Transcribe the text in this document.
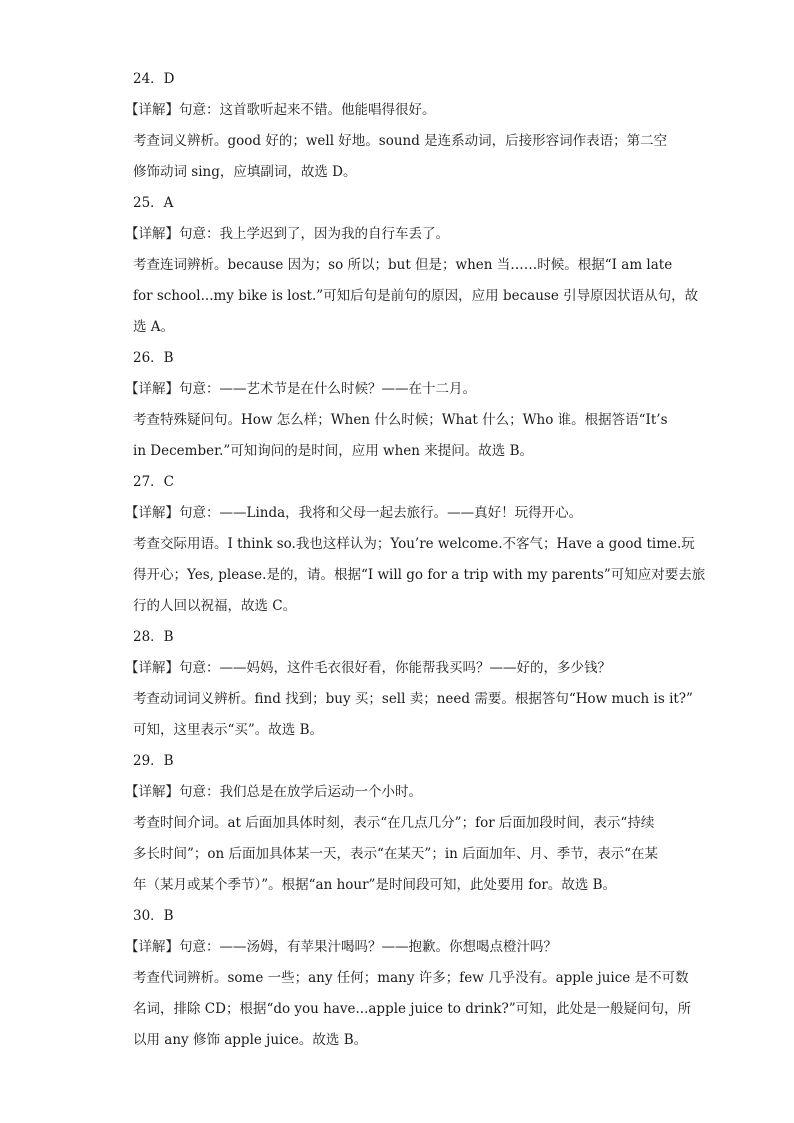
24．D
【详解】句意：这首歌听起来不错。他能唱得很好。
考查词义辨析。good 好的；well 好地。sound 是连系动词，后接形容词作表语；第二空
修饰动词 sing，应填副词，故选 D。
25．A
【详解】句意：我上学迟到了，因为我的自行车丢了。
考查连词辨析。because 因为；so 所以；but 但是；when 当……时候。根据“I am late
for school...my bike is lost.”可知后句是前句的原因，应用 because 引导原因状语从句，故
选 A。
26．B
【详解】句意：——艺术节是在什么时候？——在十二月。
考查特殊疑问句。How 怎么样；When 什么时候；What 什么；Who 谁。根据答语“It’s
in December.”可知询问的是时间，应用 when 来提问。故选 B。
27．C
【详解】句意：——Linda，我将和父母一起去旅行。——真好！玩得开心。
考查交际用语。I think so.我也这样认为；You’re welcome.不客气；Have a good time.玩
得开心；Yes, please.是的，请。根据“I will go for a trip with my parents”可知应对要去旅
行的人回以祝福，故选 C。
28．B
【详解】句意：——妈妈，这件毛衣很好看，你能帮我买吗？——好的，多少钱？
考查动词词义辨析。find 找到；buy 买；sell 卖；need 需要。根据答句“How much is it?”
可知，这里表示“买”。故选 B。
29．B
【详解】句意：我们总是在放学后运动一个小时。
考查时间介词。at 后面加具体时刻，表示“在几点几分”；for 后面加段时间，表示“持续
多长时间”；on 后面加具体某一天，表示“在某天”；in 后面加年、月、季节，表示“在某
年（某月或某个季节）”。根据“an hour”是时间段可知，此处要用 for。故选 B。
30．B
【详解】句意：——汤姆，有苹果汁喝吗？——抱歉。你想喝点橙汁吗？
考查代词辨析。some 一些；any 任何；many 许多；few 几乎没有。apple juice 是不可数
名词，排除 CD；根据“do you have...apple juice to drink?”可知，此处是一般疑问句，所
以用 any 修饰 apple juice。故选 B。
